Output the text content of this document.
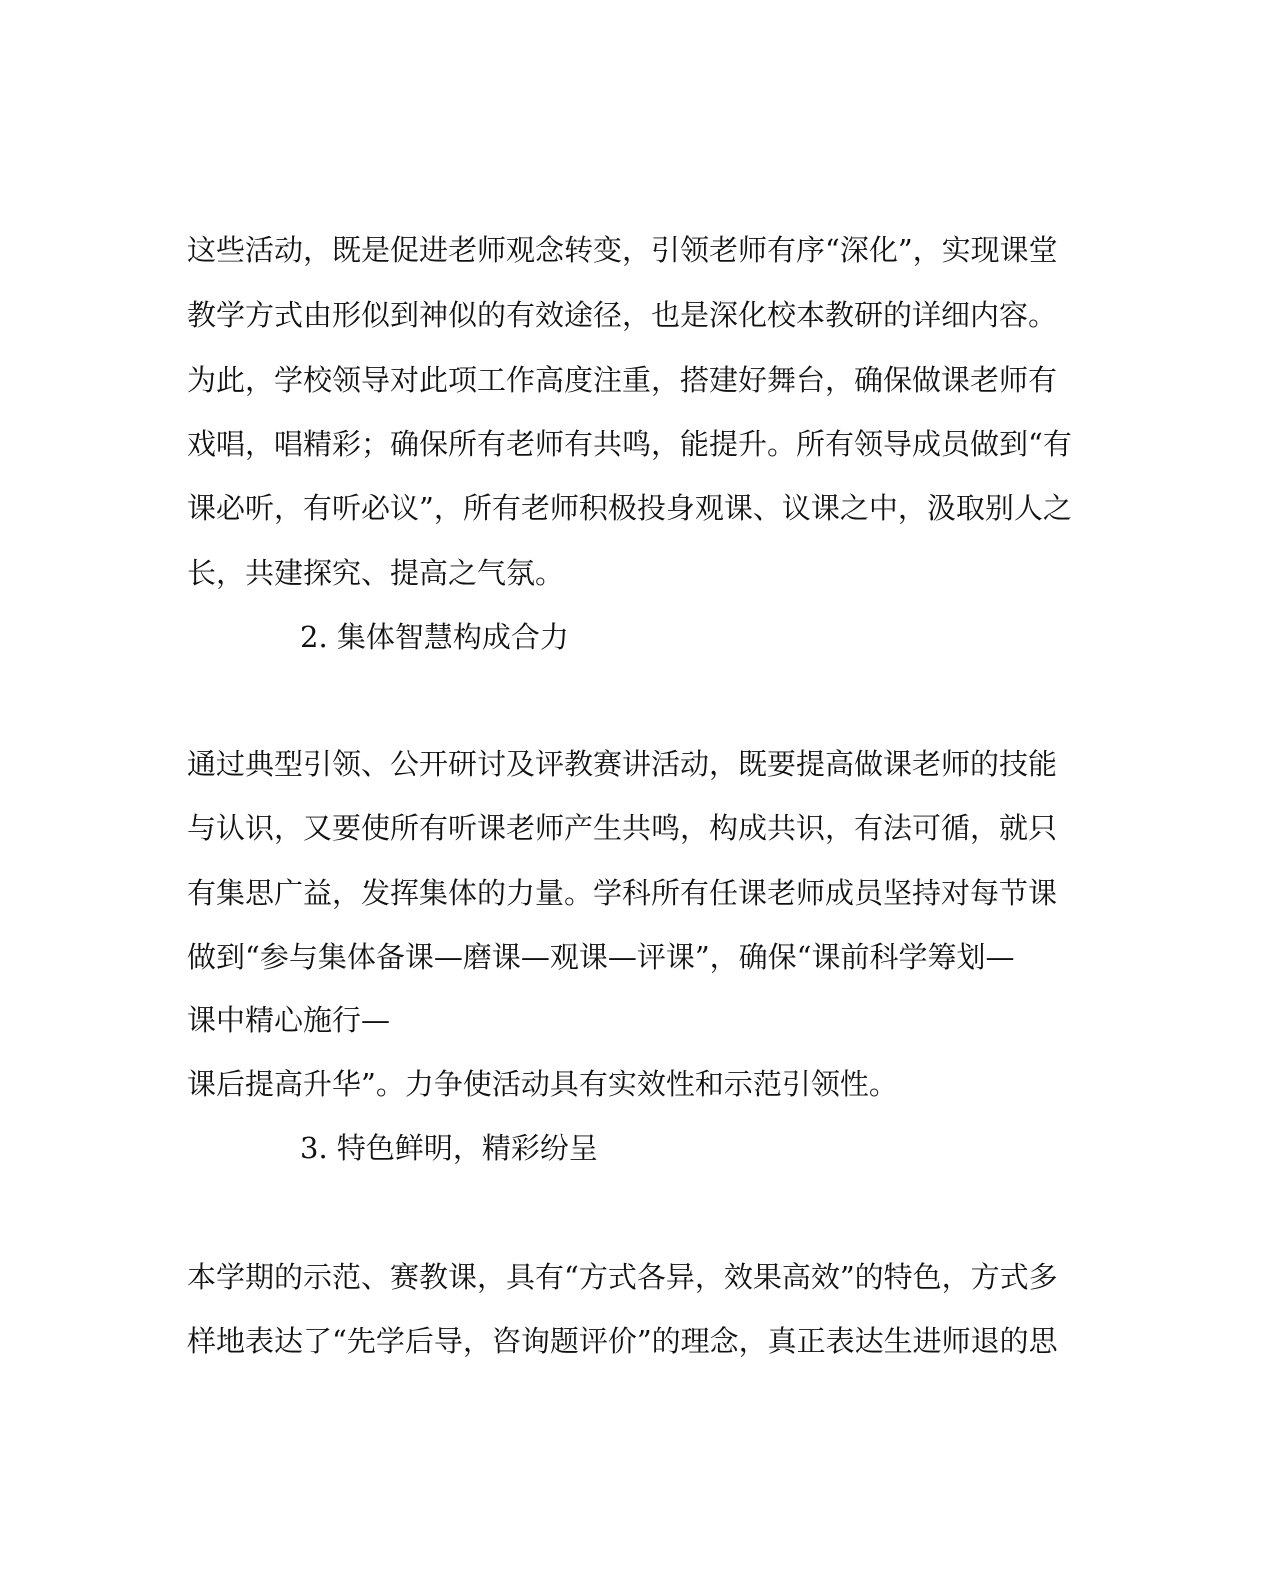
这些活动，既是促进老师观念转变，引领老师有序“深化”，实现课堂
教学方式由形似到神似的有效途径，也是深化校本教研的详细内容。
为此，学校领导对此项工作高度注重，搭建好舞台，确保做课老师有
戏唱，唱精彩；确保所有老师有共鸣，能提升。所有领导成员做到“有
课必听，有听必议”，所有老师积极投身观课、议课之中，汲取别人之
长，共建探究、提高之气氛。
2. 集体智慧构成合力
通过典型引领、公开研讨及评教赛讲活动，既要提高做课老师的技能
与认识，又要使所有听课老师产生共鸣，构成共识，有法可循，就只
有集思广益，发挥集体的力量。学科所有任课老师成员坚持对每节课
做到“参与集体备课—磨课—观课—评课”，确保“课前科学筹划—
课中精心施行—
课后提高升华”。力争使活动具有实效性和示范引领性。
3. 特色鲜明，精彩纷呈
本学期的示范、赛教课，具有“方式各异，效果高效”的特色，方式多
样地表达了“先学后导，咨询题评价”的理念，真正表达生进师退的思
